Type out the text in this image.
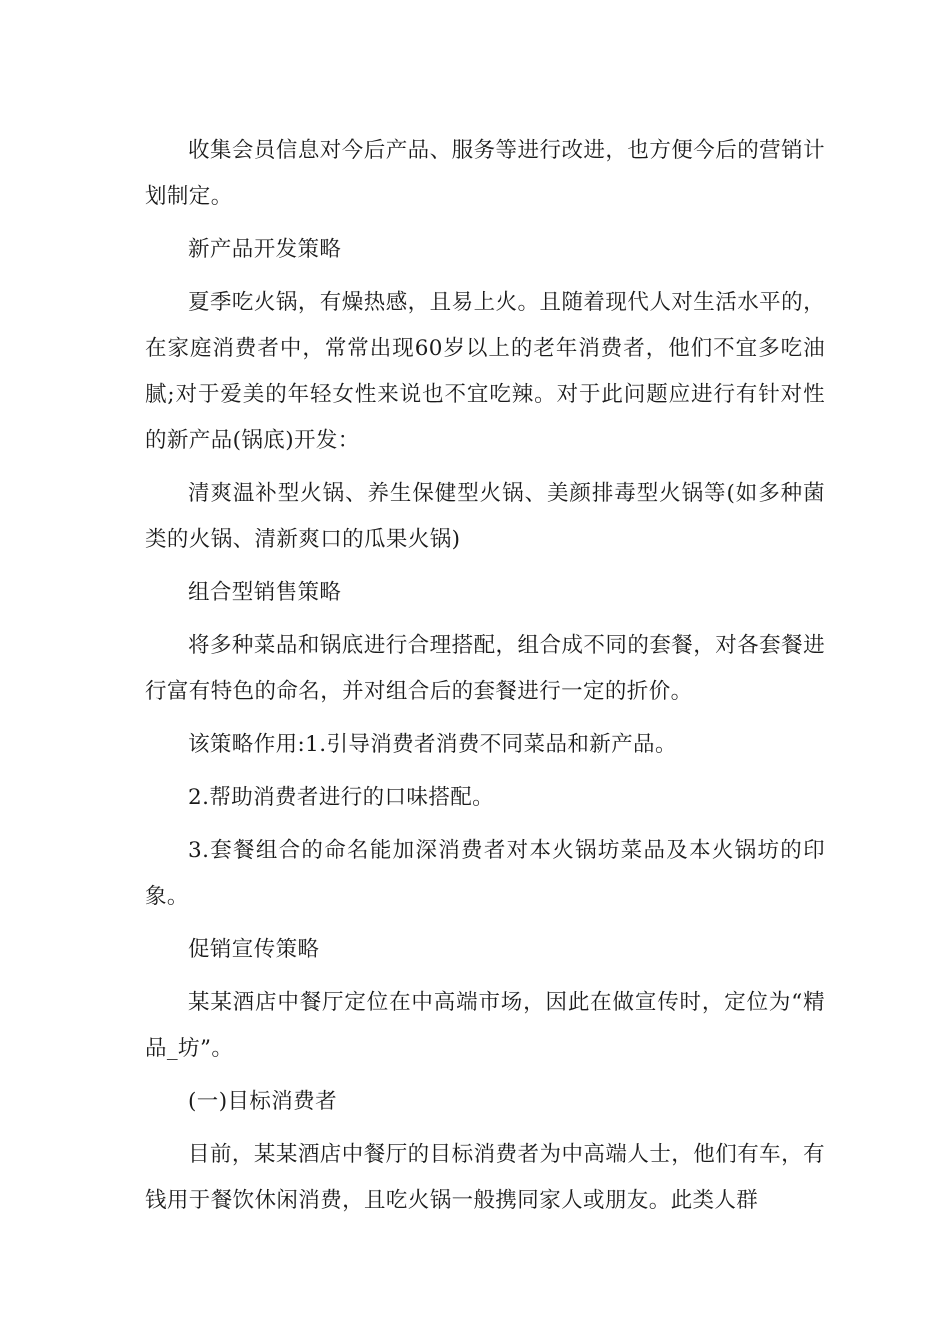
收集会员信息对今后产品、服务等进行改进，也方便今后的营销计划制定。

新产品开发策略

夏季吃火锅，有燥热感，且易上火。且随着现代人对生活水平的，在家庭消费者中，常常出现60岁以上的老年消费者，他们不宜多吃油腻;对于爱美的年轻女性来说也不宜吃辣。对于此问题应进行有针对性的新产品(锅底)开发：

清爽温补型火锅、养生保健型火锅、美颜排毒型火锅等(如多种菌类的火锅、清新爽口的瓜果火锅)

组合型销售策略

将多种菜品和锅底进行合理搭配，组合成不同的套餐，对各套餐进行富有特色的命名，并对组合后的套餐进行一定的折价。

该策略作用:1.引导消费者消费不同菜品和新产品。

2.帮助消费者进行的口味搭配。

3.套餐组合的命名能加深消费者对本火锅坊菜品及本火锅坊的印象。

促销宣传策略

某某酒店中餐厅定位在中高端市场，因此在做宣传时，定位为“精品_坊”。

(一)目标消费者

目前，某某酒店中餐厅的目标消费者为中高端人士，他们有车，有钱用于餐饮休闲消费，且吃火锅一般携同家人或朋友。此类人群
